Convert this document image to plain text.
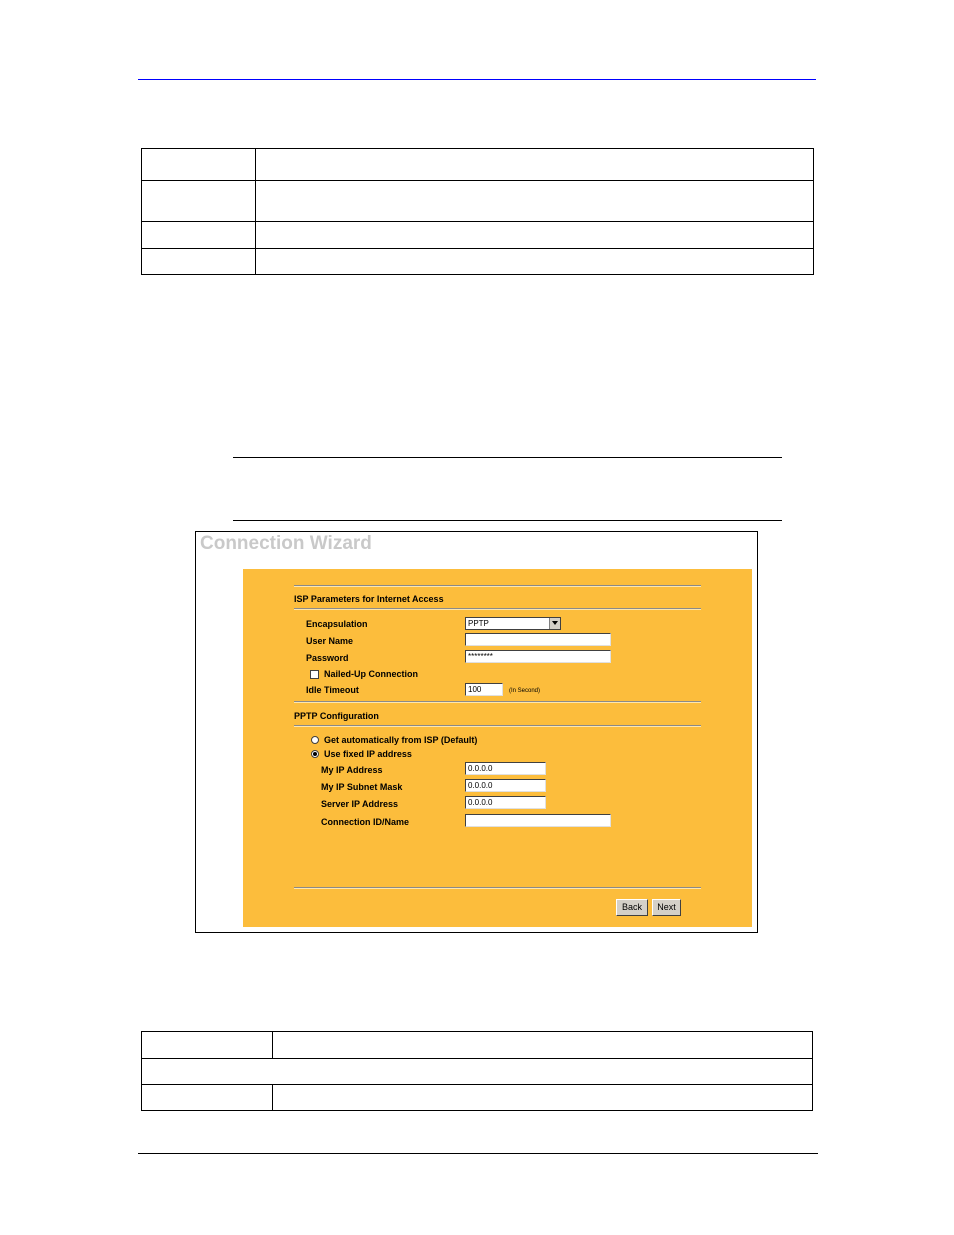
Connection Wizard
ISP Parameters for Internet Access
Encapsulation	PPTP
User Name
Password	********
Nailed-Up Connection
Idle Timeout	100	(In Second)
PPTP Configuration
Get automatically from ISP (Default)
Use fixed IP address
My IP Address	0.0.0.0
My IP Subnet Mask	0.0.0.0
Server IP Address	0.0.0.0
Connection ID/Name
Back	Next
